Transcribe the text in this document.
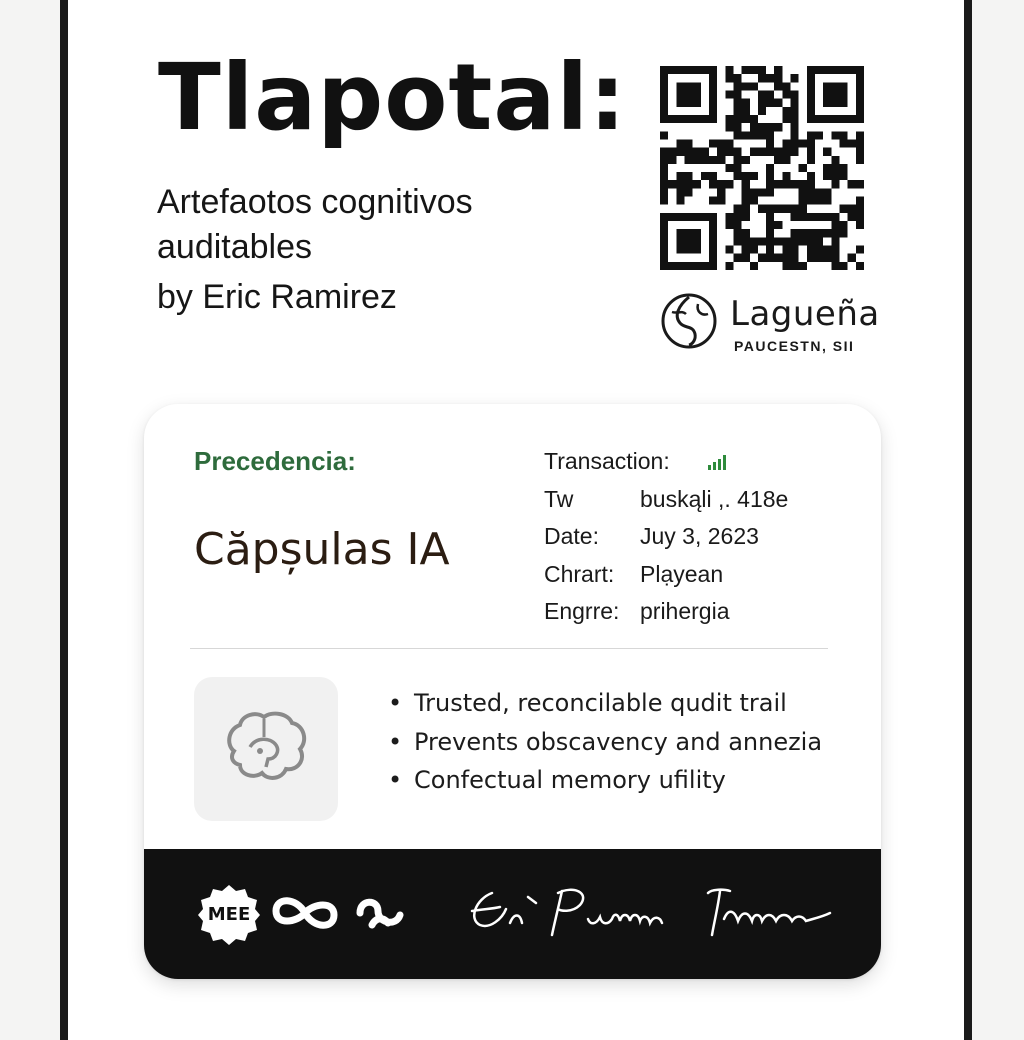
Tlapotal:
Artefaotos cognitivos auditables
by Eric Ramirez	Lagueña
PAUCESTN, SII
Precedencia:
Căpșulas IA
Transaction:
Tw	buskąli ,. 418e
Date: Juy 3, 2623
Chrart: Plạyean
Engrre: prihergia
• Trusted, reconcilable qudit trail
• Prevents obscavency and annezia
• Confectual memory ufility
MEE
